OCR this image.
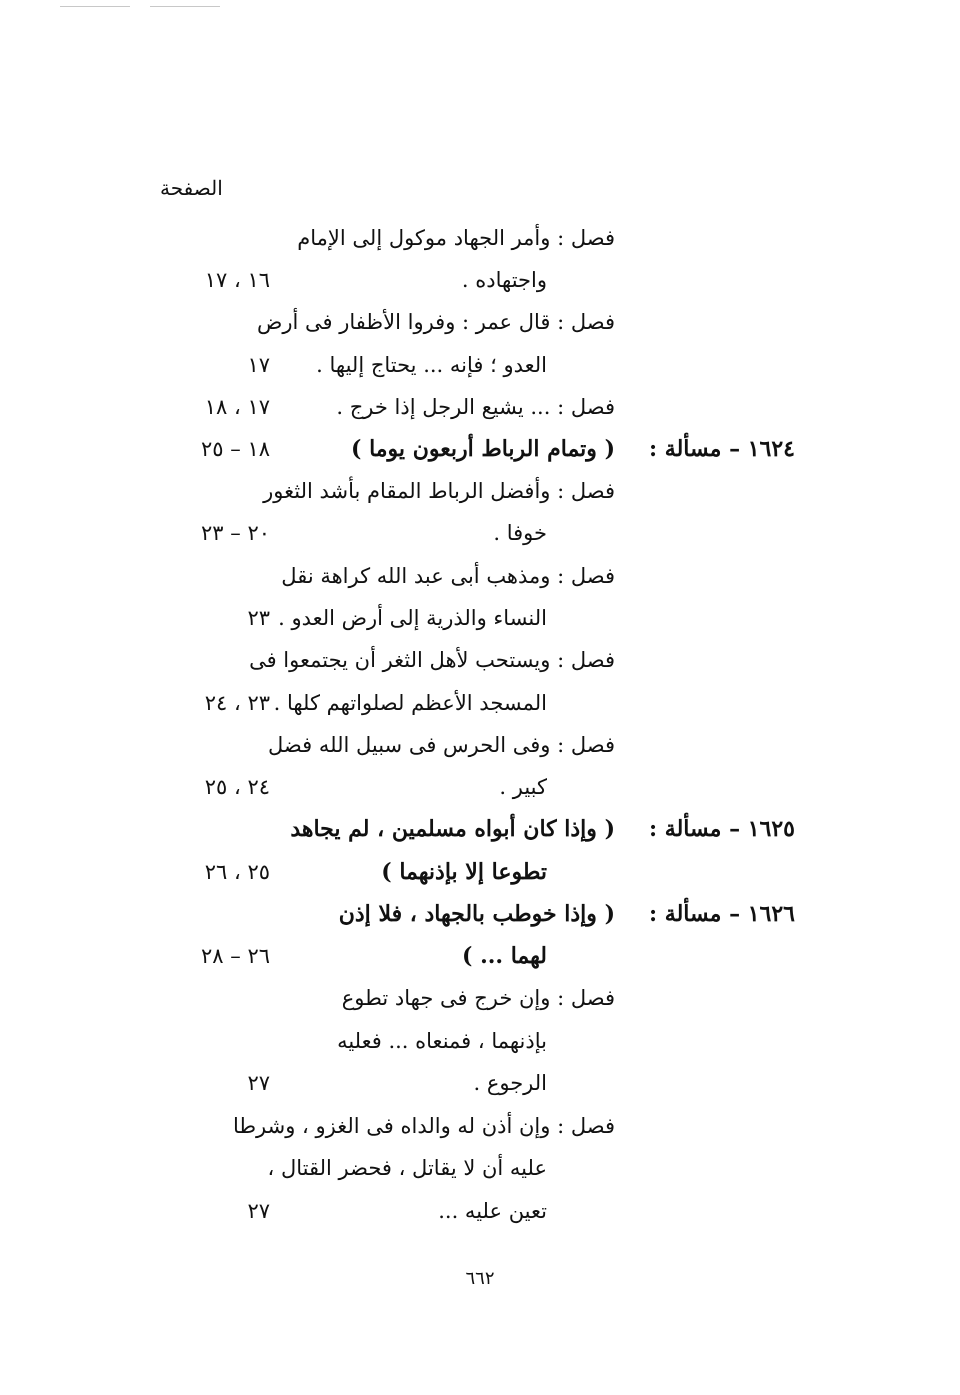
الصفحة
فصل : وأمر الجهاد موكول إلى الإمام
واجتهاده .
١٦ ، ١٧
فصل : قال عمر : وفروا الأظفار فى أرض
العدو ؛ فإنه ... يحتاج إليها .
١٧
فصل : ... يشيع الرجل إذا خرج .
١٧ ، ١٨
١٦٢٤ – مسألة :
( وتمام الرباط أربعون يوما )
١٨ – ٢٥
فصل : وأفضل الرباط المقام بأشد الثغور
خوفا .
٢٠ – ٢٣
فصل : ومذهب أبى عبد الله كراهة نقل
النساء والذرية إلى أرض العدو .
٢٣
فصل : ويستحب لأهل الثغر أن يجتمعوا فى
المسجد الأعظم لصلواتهم كلها .
٢٣ ، ٢٤
فصل : وفى الحرس فى سبيل الله فضل
كبير .
٢٤ ، ٢٥
١٦٢٥ – مسألة :
( وإذا كان أبواه مسلمين ، لم يجاهد
تطوعا إلا بإذنهما )
٢٥ ، ٢٦
١٦٢٦ – مسألة :
( وإذا خوطب بالجهاد ، فلا إذن
لهما ... )
٢٦ – ٢٨
فصل : وإن خرج فى جهاد تطوع
بإذنهما ، فمنعاه ... فعليه
الرجوع .
٢٧
فصل : وإن أذن له والداه فى الغزو ، وشرطا
عليه أن لا يقاتل ، فحضر القتال ،
تعين عليه ...
٢٧
٦٦٢
